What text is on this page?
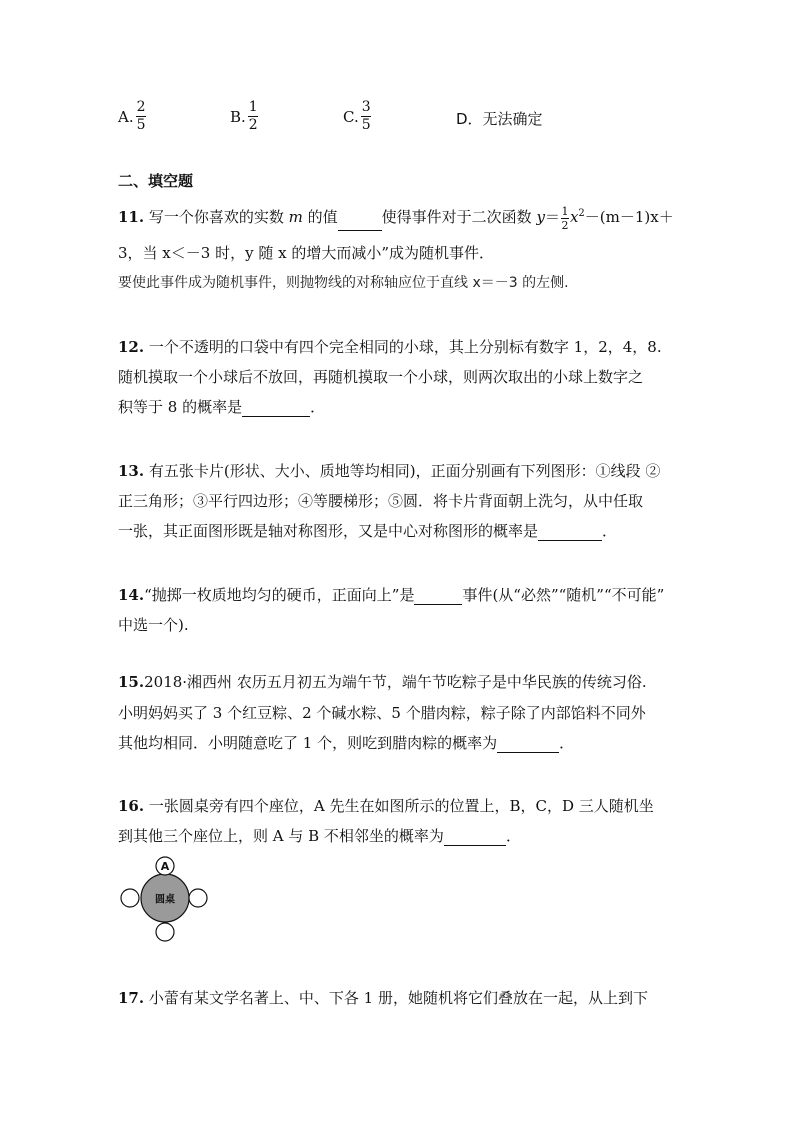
A. $\frac{2}{5}$	B. $\frac{1}{2}$	C. $\frac{3}{5}$	D．无法确定
二、填空题
11. 写一个你喜欢的实数 m 的值	使得事件对于二次函数 $y= \frac{1}{2} x^2-(m-1)x+$
3，当 x＜－3 时，y 随 x 的增大而减小”成为随机事件．
要使此事件成为随机事件，则抛物线的对称轴应位于直线 x＝－3 的左侧.
12. 一个不透明的口袋中有四个完全相同的小球，其上分别标有数字 1，2，4，8.
随机摸取一个小球后不放回，再随机摸取一个小球，则两次取出的小球上数字之
积等于 8 的概率是	．
13. 有五张卡片(形状、大小、质地等均相同)，正面分别画有下列图形：①线段 ②
正三角形；③平行四边形；④等腰梯形；⑤圆．将卡片背面朝上洗匀，从中任取
一张，其正面图形既是轴对称图形，又是中心对称图形的概率是	．
14.“抛掷一枚质地均匀的硬币，正面向上”是	事件(从“必然”“随机”“不可能”
中选一个).
15.2018·湘西州 农历五月初五为端午节，端午节吃粽子是中华民族的传统习俗.
小明妈妈买了 3 个红豆粽、2 个碱水粽、5 个腊肉粽，粽子除了内部馅料不同外
其他均相同．小明随意吃了 1 个，则吃到腊肉粽的概率为	．
16. 一张圆桌旁有四个座位，A 先生在如图所示的位置上，B，C，D 三人随机坐
到其他三个座位上，则 A 与 B 不相邻坐的概率为	．
圆桌
A
17. 小蕾有某文学名著上、中、下各 1 册，她随机将它们叠放在一起，从上到下
